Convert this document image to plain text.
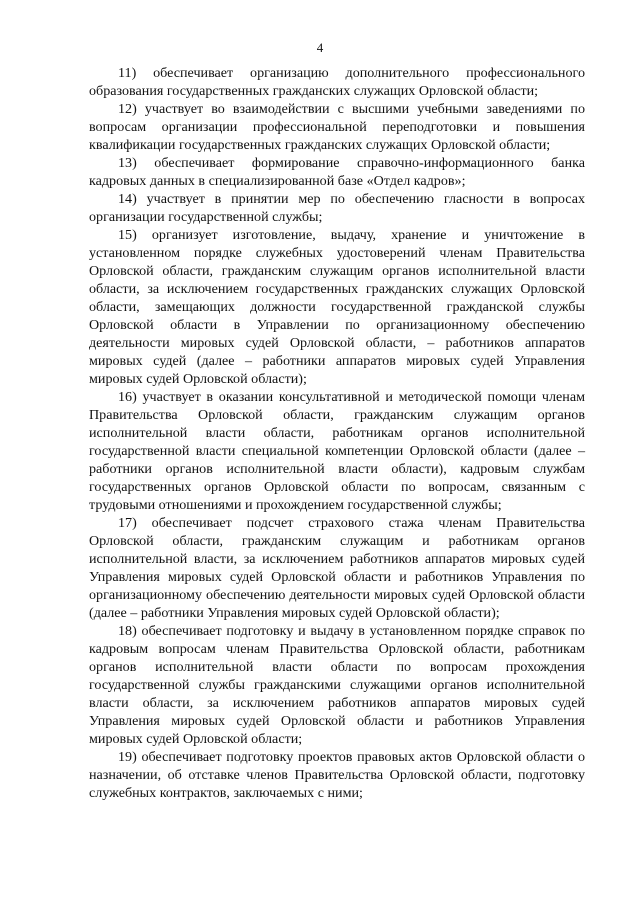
4

11) обеспечивает организацию дополнительного профессионального образования государственных гражданских служащих Орловской области;

12) участвует во взаимодействии с высшими учебными заведениями по вопросам организации профессиональной переподготовки и повышения квалификации государственных гражданских служащих Орловской области;

13) обеспечивает формирование справочно-информационного банка кадровых данных в специализированной базе «Отдел кадров»;

14) участвует в принятии мер по обеспечению гласности в вопросах организации государственной службы;

15) организует изготовление, выдачу, хранение и уничтожение в установленном порядке служебных удостоверений членам Правительства Орловской области, гражданским служащим органов исполнительной власти области, за исключением государственных гражданских служащих Орловской области, замещающих должности государственной гражданской службы Орловской области в Управлении по организационному обеспечению деятельности мировых судей Орловской области, – работников аппаратов мировых судей (далее – работники аппаратов мировых судей Управления мировых судей Орловской области);

16) участвует в оказании консультативной и методической помощи членам Правительства Орловской области, гражданским служащим органов исполнительной власти области, работникам органов исполнительной государственной власти специальной компетенции Орловской области (далее – работники органов исполнительной власти области), кадровым службам государственных органов Орловской области по вопросам, связанным с трудовыми отношениями и прохождением государственной службы;

17) обеспечивает подсчет страхового стажа членам Правительства Орловской области, гражданским служащим и работникам органов исполнительной власти, за исключением работников аппаратов мировых судей Управления мировых судей Орловской области и работников Управления по организационному обеспечению деятельности мировых судей Орловской области (далее – работники Управления мировых судей Орловской области);

18) обеспечивает подготовку и выдачу в установленном порядке справок по кадровым вопросам членам Правительства Орловской области, работникам органов исполнительной власти области по вопросам прохождения государственной службы гражданскими служащими органов исполнительной власти области, за исключением работников аппаратов мировых судей Управления мировых судей Орловской области и работников Управления мировых судей Орловской области;

19) обеспечивает подготовку проектов правовых актов Орловской области о назначении, об отставке членов Правительства Орловской области, подготовку служебных контрактов, заключаемых с ними;
